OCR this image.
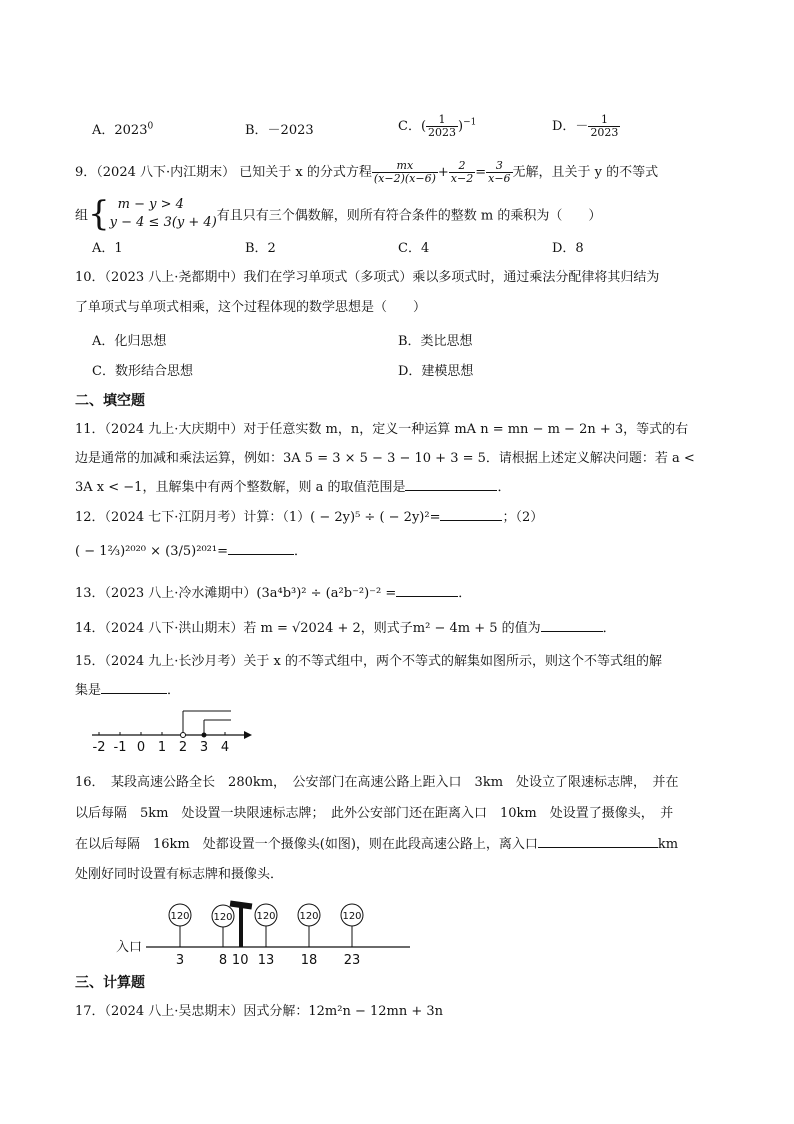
A．2023$^0$	B．－2023	C．( $\frac{1}{2023} )^{-1}$	D．－ $\frac{1}{2023}$
9．（2024 八下·内江期末） 已知关于 x 的分式方程 $\frac{mx}{(x-2)(x-6)} + \frac{2}{x-2} = \frac{3}{x-6}$ 无解，且关于 y 的不等式
组{ m − y > 4
y − 4 ≤ 3(y + 4) 有且只有三个偶数解，则所有符合条件的整数 m 的乘积为（　　）
A．1	B．2	C．4	D．8
10．（2023 八上·尧都期中）我们在学习单项式（多项式）乘以多项式时，通过乘法分配律将其归结为
了单项式与单项式相乘，这个过程体现的数学思想是（　　）
A．化归思想	B．类比思想
C．数形结合思想	D．建模思想
二、填空题
11．（2024 九上·大庆期中）对于任意实数 m，n，定义一种运算 mA n = mn − m − 2n + 3，等式的右
边是通常的加减和乘法运算，例如：3A 5 = 3 × 5 − 3 − 10 + 3 = 5．请根据上述定义解决问题：若 a <
3A x < −1，且解集中有两个整数解，则 a 的取值范围是	．
12．（2024 七下·江阴月考）计算：（1）( − 2y)⁵ ÷ ( − 2y)²=	；（2）
( − 1⅔)²⁰²⁰ × (3/5)²⁰²¹=	．
13．（2023 八上·冷水滩期中）(3a⁴b³)² ÷ (a²b⁻²)⁻² =	．
14．（2024 八下·洪山期末）若 m = √2024 + 2，则式子m² − 4m + 5 的值为	．
15．（2024 九上·长沙月考）关于 x 的不等式组中，两个不等式的解集如图所示，则这个不等式组的解
集是	．
-2 -1 0 1 2 3 4
16．　某段高速公路全长　280km，　公安部门在高速公路上距入口　3km　处设立了限速标志牌，　并在
以后每隔　5km　处设置一块限速标志牌；　此外公安部门还在距离入口　10km　处设置了摄像头，　并
在以后每隔　16km　处都设置一个摄像头(如图)，则在此段高速公路上，离入口	km
处刚好同时设置有标志牌和摄像头．
入口
120 120 120 120 120
3	8 10 13 18 23
三、计算题
17．（2024 八上·吴忠期末）因式分解：12m²n − 12mn + 3n
